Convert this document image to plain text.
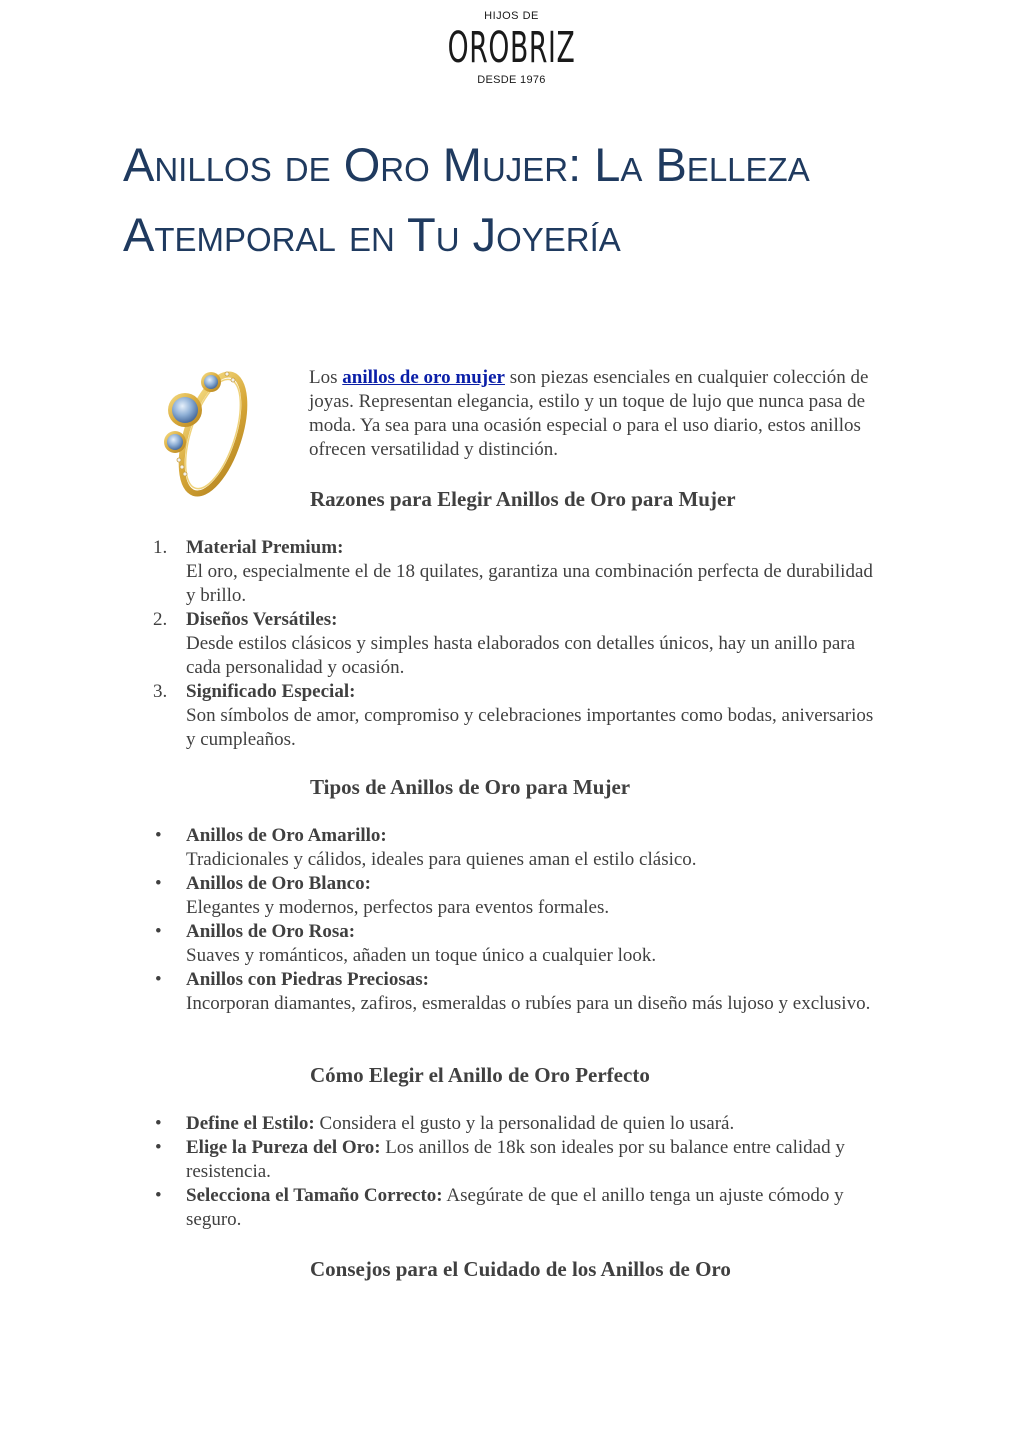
HIJOS DE
OROBRIZ
DESDE 1976
Anillos de Oro Mujer: La Belleza Atemporal en Tu Joyería

Los anillos de oro mujer son piezas esenciales en cualquier colección de joyas. Representan elegancia, estilo y un toque de lujo que nunca pasa de moda. Ya sea para una ocasión especial o para el uso diario, estos anillos ofrecen versatilidad y distinción.

Razones para Elegir Anillos de Oro para Mujer
1. Material Premium:
El oro, especialmente el de 18 quilates, garantiza una combinación perfecta de durabilidad y brillo.
2. Diseños Versátiles:
Desde estilos clásicos y simples hasta elaborados con detalles únicos, hay un anillo para cada personalidad y ocasión.
3. Significado Especial:
Son símbolos de amor, compromiso y celebraciones importantes como bodas, aniversarios y cumpleaños.
Tipos de Anillos de Oro para Mujer
• Anillos de Oro Amarillo:
Tradicionales y cálidos, ideales para quienes aman el estilo clásico.
• Anillos de Oro Blanco:
Elegantes y modernos, perfectos para eventos formales.
• Anillos de Oro Rosa:
Suaves y románticos, añaden un toque único a cualquier look.
• Anillos con Piedras Preciosas:
Incorporan diamantes, zafiros, esmeraldas o rubíes para un diseño más lujoso y exclusivo.
Cómo Elegir el Anillo de Oro Perfecto
• Define el Estilo: Considera el gusto y la personalidad de quien lo usará.
• Elige la Pureza del Oro: Los anillos de 18k son ideales por su balance entre calidad y resistencia.
• Selecciona el Tamaño Correcto: Asegúrate de que el anillo tenga un ajuste cómodo y seguro.
Consejos para el Cuidado de los Anillos de Oro
